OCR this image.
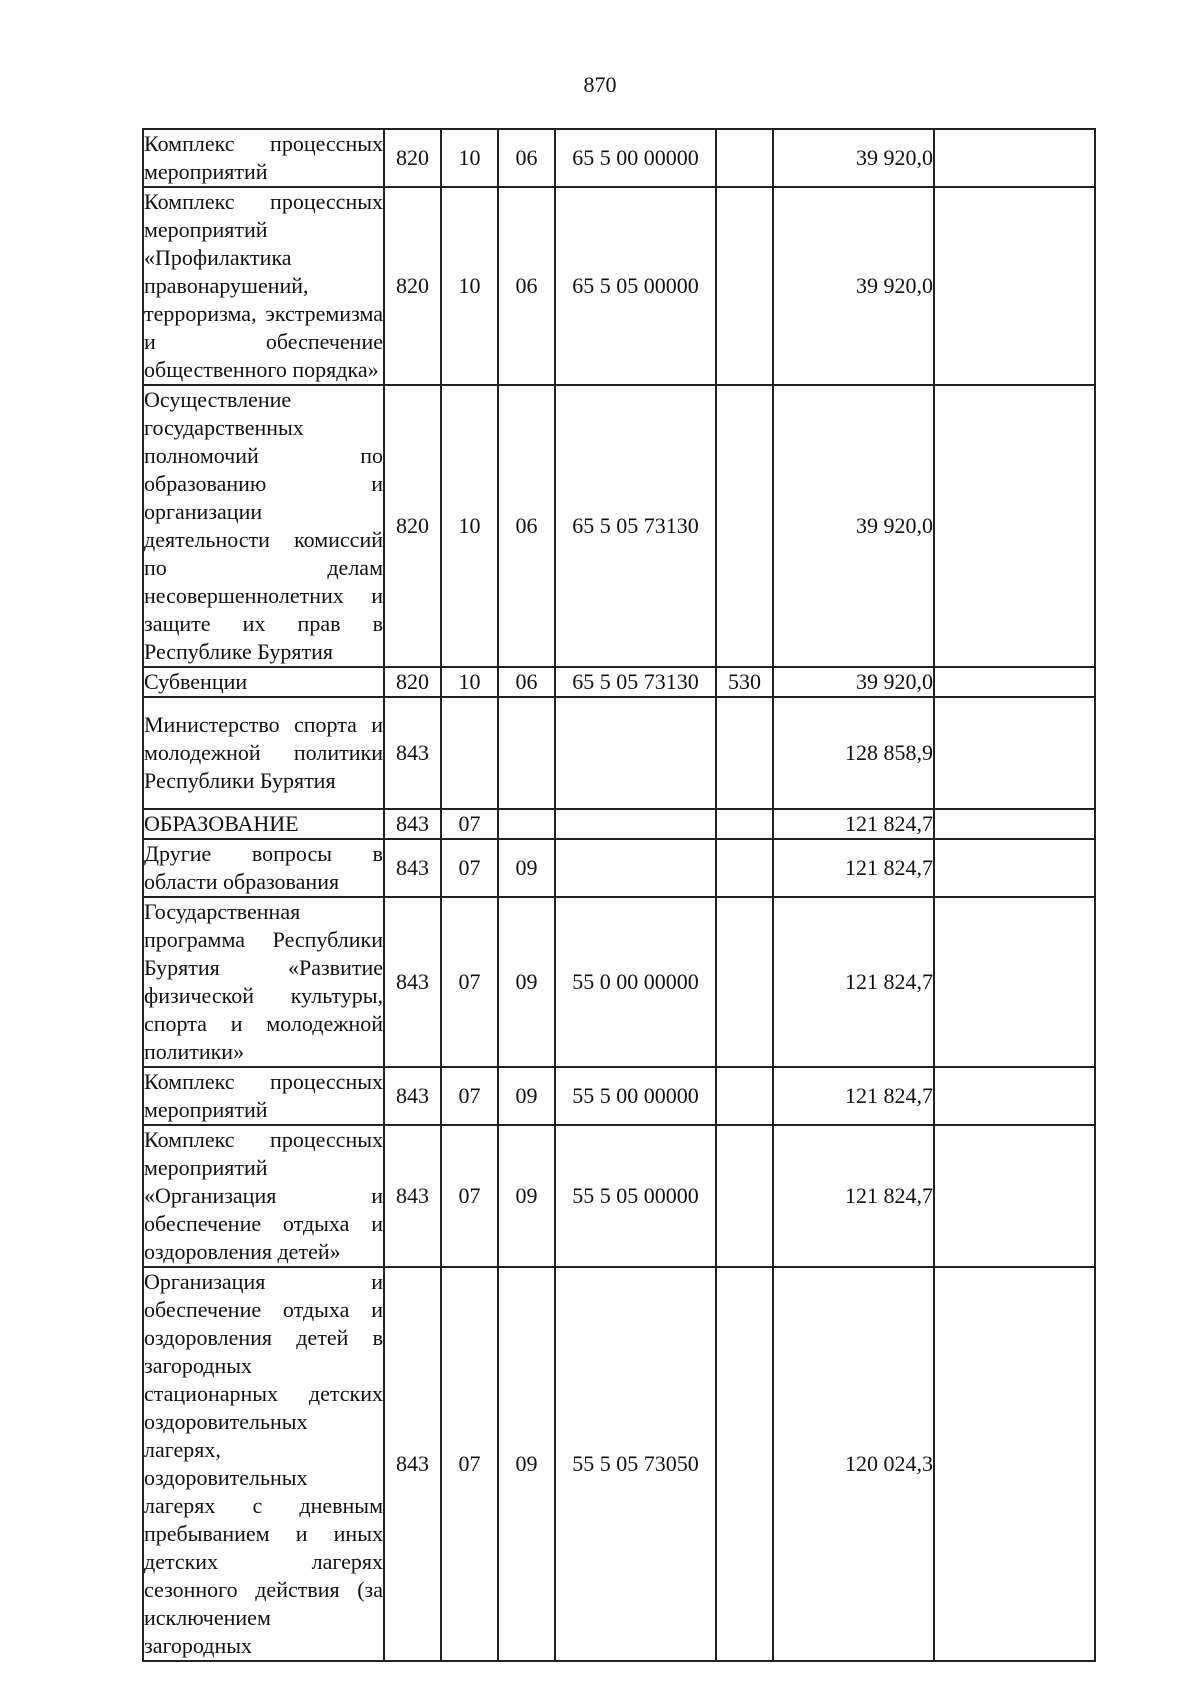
870
Комплекс процессных мероприятий	820	10	06	65 5 00 00000		39 920,0	
Комплекс процессных мероприятий «Профилактика правонарушений, терроризма, экстремизма и обеспечение общественного порядка»	820	10	06	65 5 05 00000		39 920,0	
Осуществление государственных полномочий по образованию и организации деятельности комиссий по делам несовершеннолетних и защите их прав в Республике Бурятия	820	10	06	65 5 05 73130		39 920,0	
Субвенции	820	10	06	65 5 05 73130	530	39 920,0	
Министерство спорта и молодежной политики Республики Бурятия	843					128 858,9	
ОБРАЗОВАНИЕ	843	07				121 824,7	
Другие вопросы в области образования	843	07	09			121 824,7	
Государственная программа Республики Бурятия «Развитие физической культуры, спорта и молодежной политики»	843	07	09	55 0 00 00000		121 824,7	
Комплекс процессных мероприятий	843	07	09	55 5 00 00000		121 824,7	
Комплекс процессных мероприятий «Организация и обеспечение отдыха и оздоровления детей»	843	07	09	55 5 05 00000		121 824,7	
Организация и обеспечение отдыха и оздоровления детей в загородных стационарных детских оздоровительных лагерях, оздоровительных лагерях с дневным пребыванием и иных детских лагерях сезонного действия (за исключением загородных	843	07	09	55 5 05 73050		120 024,3	
